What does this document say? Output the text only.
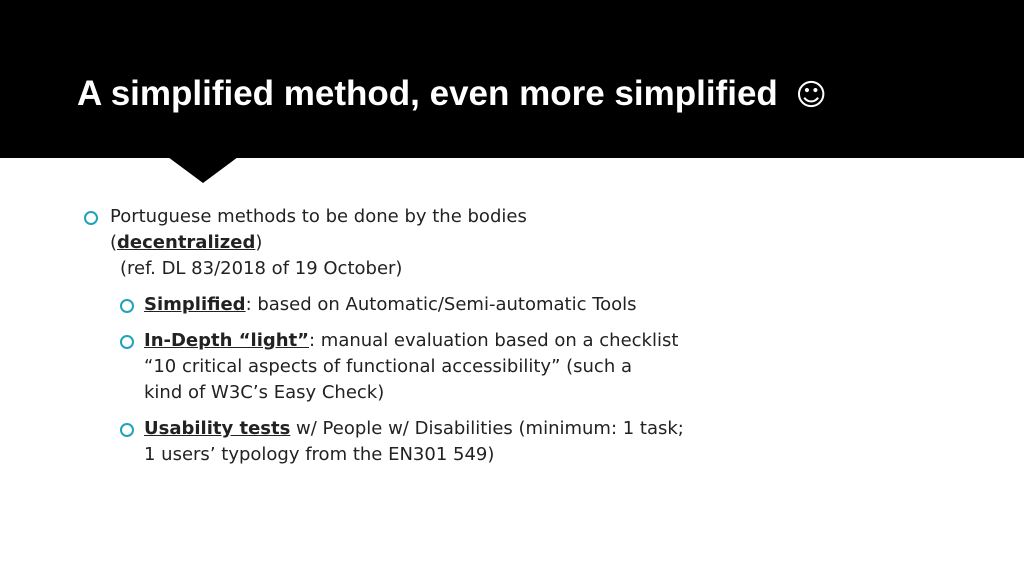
A simplified method, even more simplified ☺
Portuguese methods to be done by the bodies
(decentralized)
(ref. DL 83/2018 of 19 October)
Simplified: based on Automatic/Semi-automatic Tools
In-Depth “light”: manual evaluation based on a checklist
“10 critical aspects of functional accessibility” (such a
kind of W3C’s Easy Check)
Usability tests w/ People w/ Disabilities (minimum: 1 task;
1 users’ typology from the EN301 549)
